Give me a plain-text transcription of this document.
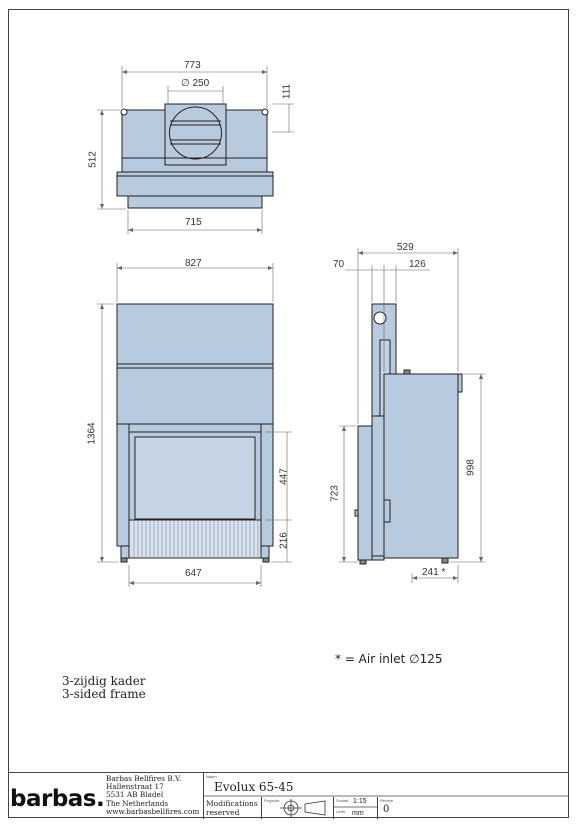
773
∅ 250
111
512
715
827
1364
447
216
647
529
70	126
998
723
241 *
* = Air inlet ∅125
3-zijdig kader
3-sided frame
barbas.
Barbas Bellfires B.V.
Hallenstraat 17
5531 AB Bladel
The Netherlands
www.barbasbellfires.com
Naam
Evolux 65-45
Modifications
reserved
Projectie	Schaal 1:15
Units mm
Revisie
0
